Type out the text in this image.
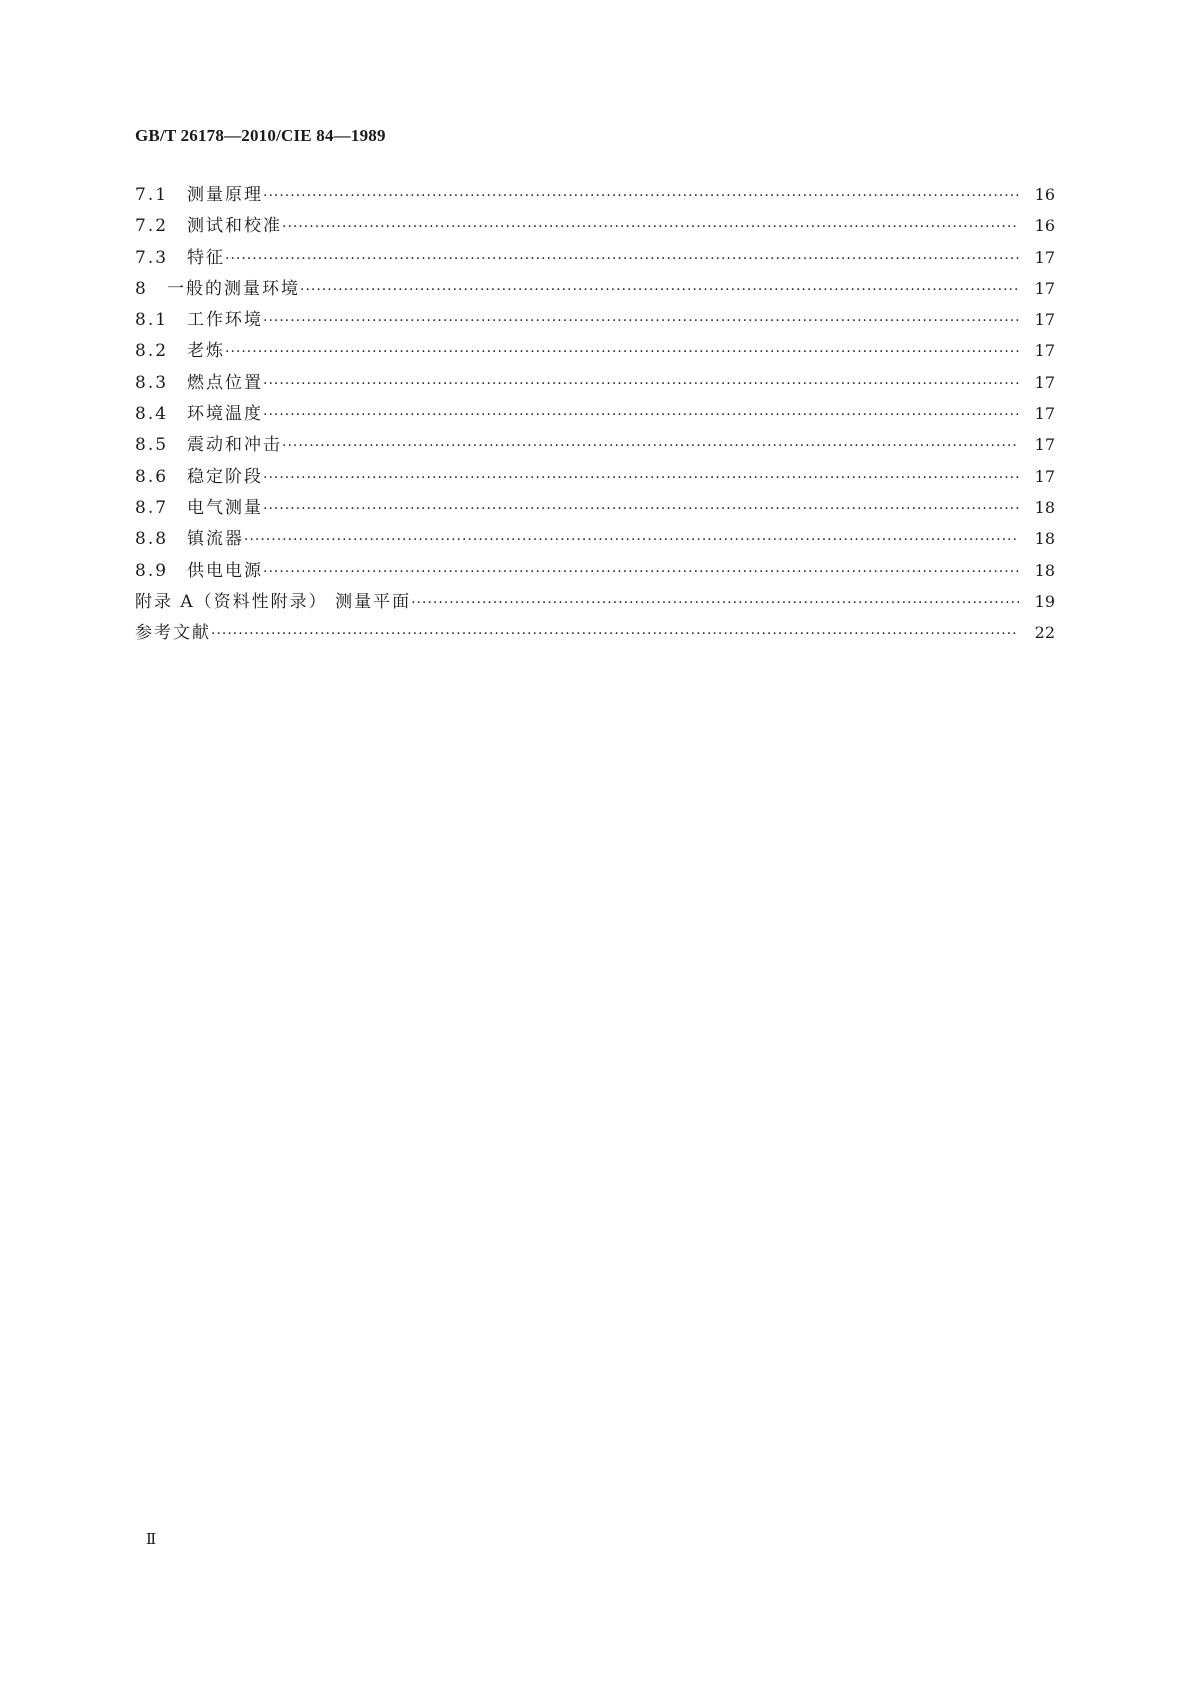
GB/T 26178—2010/CIE 84—1989
7.1	测量原理 ·····	16
7.2	测试和校准 ·····	16
7.3	特征 ·····	17
8	一般的测量环境 ·····	17
8.1	工作环境 ·····	17
8.2	老炼 ·····	17
8.3	燃点位置 ·····	17
8.4	环境温度 ·····	17
8.5	震动和冲击 ·····	17
8.6	稳定阶段 ·····	17
8.7	电气测量 ·····	18
8.8	镇流器 ·····	18
8.9	供电电源 ·····	18
附录 A（资料性附录） 测量平面 ·····	19
参考文献 ·····	22
Ⅱ
